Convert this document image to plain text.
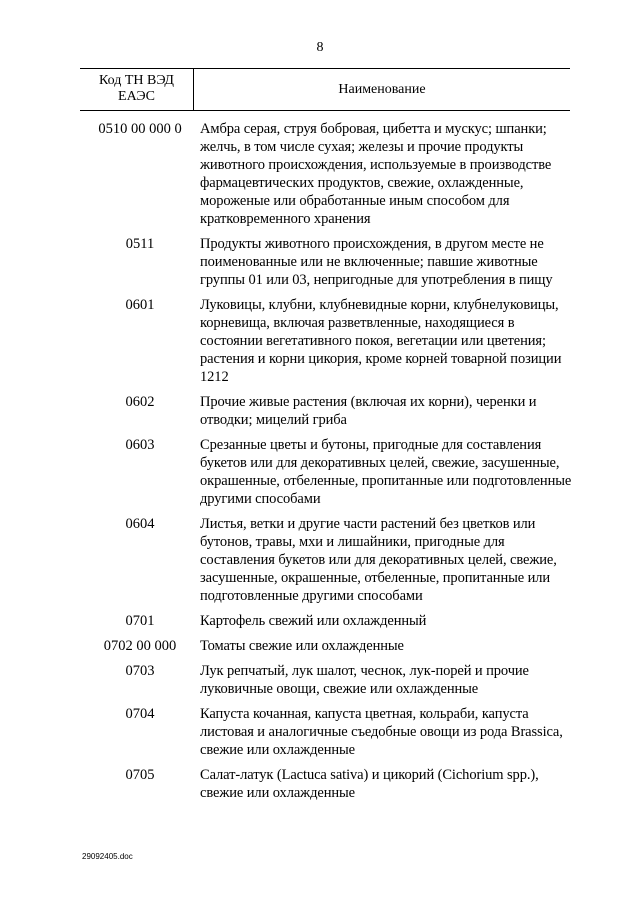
8
Код ТН ВЭД ЕАЭС	Наименование
0510 00 000 0	Амбра серая, струя бобровая, цибетта и мускус; шпанки; желчь, в том числе сухая; железы и прочие продукты животного происхождения, используемые в производстве фармацевтических продуктов, свежие, охлажденные, мороженые или обработанные иным способом для кратковременного хранения
0511	Продукты животного происхождения, в другом месте не поименованные или не включенные; павшие животные группы 01 или 03, непригодные для употребления в пищу
0601	Луковицы, клубни, клубневидные корни, клубнелуковицы, корневища, включая разветвленные, находящиеся в состоянии вегетативного покоя, вегетации или цветения; растения и корни цикория, кроме корней товарной позиции 1212
0602	Прочие живые растения (включая их корни), черенки и отводки; мицелий гриба
0603	Срезанные цветы и бутоны, пригодные для составления букетов или для декоративных целей, свежие, засушенные, окрашенные, отбеленные, пропитанные или подготовленные другими способами
0604	Листья, ветки и другие части растений без цветков или бутонов, травы, мхи и лишайники, пригодные для составления букетов или для декоративных целей, свежие, засушенные, окрашенные, отбеленные, пропитанные или подготовленные другими способами
0701	Картофель свежий или охлажденный
0702 00 000	Томаты свежие или охлажденные
0703	Лук репчатый, лук шалот, чеснок, лук-порей и прочие луковичные овощи, свежие или охлажденные
0704	Капуста кочанная, капуста цветная, кольраби, капуста листовая и аналогичные съедобные овощи из рода Brassica, свежие или охлажденные
0705	Салат-латук (Lactuca sativa) и цикорий (Cichorium spp.), свежие или охлажденные
29092405.doc
